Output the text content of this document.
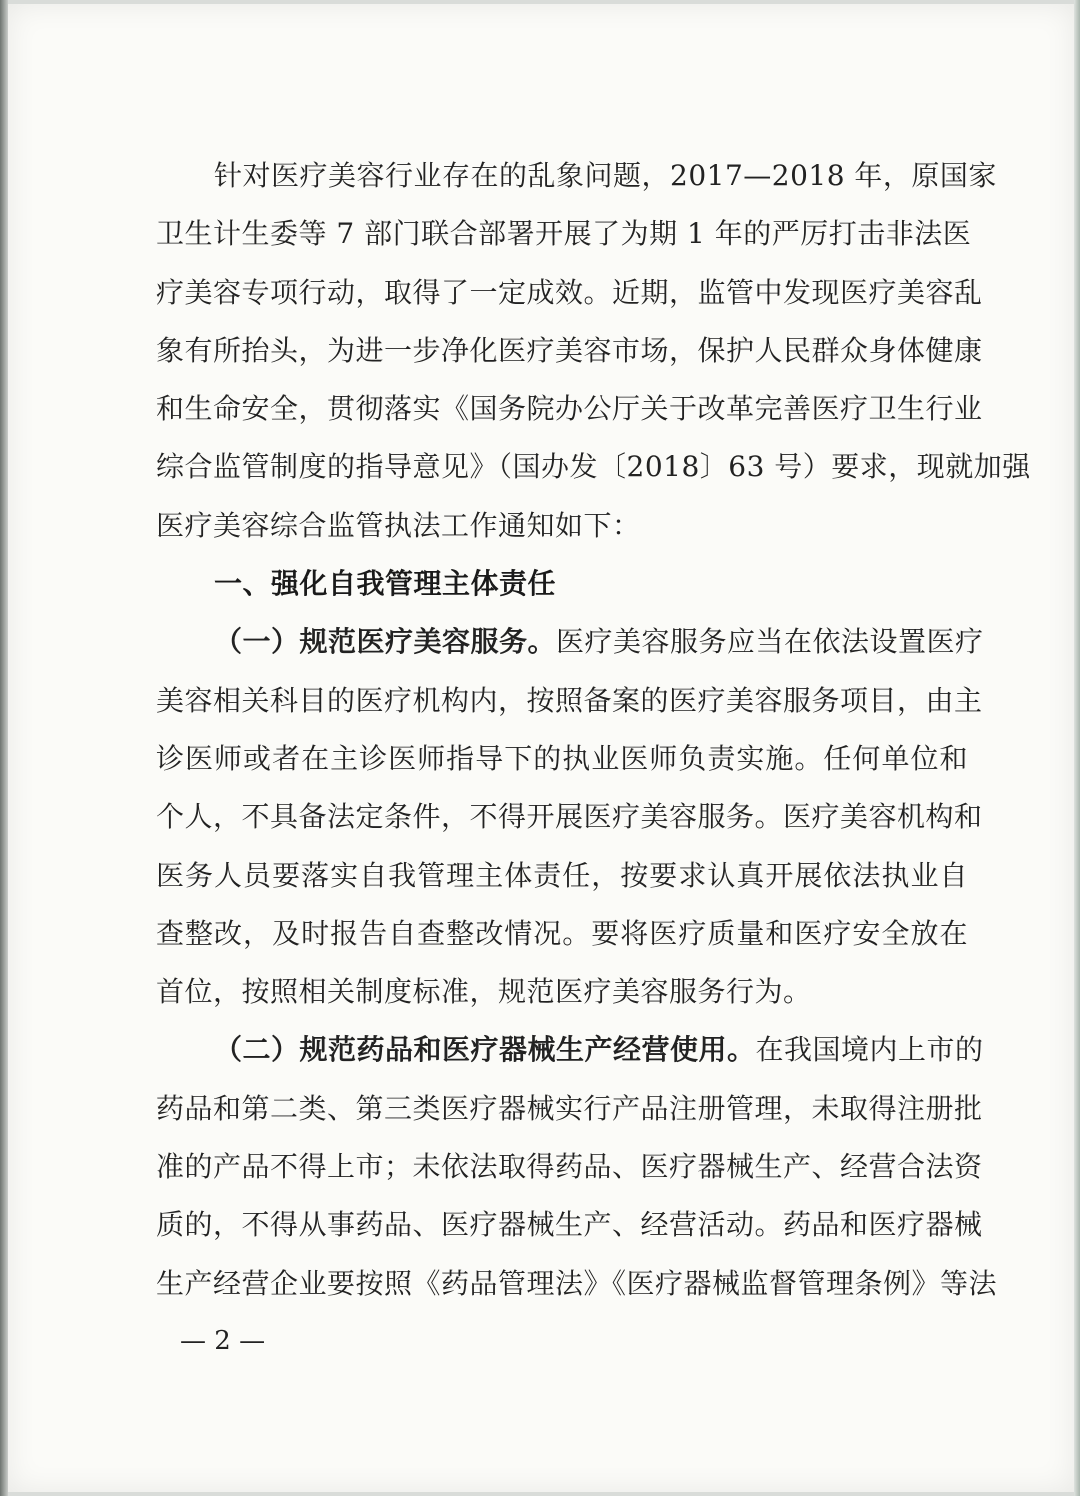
针对医疗美容行业存在的乱象问题，2017—2018 年，原国家
卫生计生委等 7 部门联合部署开展了为期 1 年的严厉打击非法医
疗美容专项行动，取得了一定成效。近期，监管中发现医疗美容乱
象有所抬头，为进一步净化医疗美容市场，保护人民群众身体健康
和生命安全，贯彻落实《国务院办公厅关于改革完善医疗卫生行业
综合监管制度的指导意见》（国办发〔2018〕63 号）要求，现就加强
医疗美容综合监管执法工作通知如下：
一、强化自我管理主体责任
（一）规范医疗美容服务。医疗美容服务应当在依法设置医疗
美容相关科目的医疗机构内，按照备案的医疗美容服务项目，由主
诊医师或者在主诊医师指导下的执业医师负责实施。任何单位和
个人，不具备法定条件，不得开展医疗美容服务。医疗美容机构和
医务人员要落实自我管理主体责任，按要求认真开展依法执业自
查整改，及时报告自查整改情况。要将医疗质量和医疗安全放在
首位，按照相关制度标准，规范医疗美容服务行为。
（二）规范药品和医疗器械生产经营使用。在我国境内上市的
药品和第二类、第三类医疗器械实行产品注册管理，未取得注册批
准的产品不得上市；未依法取得药品、医疗器械生产、经营合法资
质的，不得从事药品、医疗器械生产、经营活动。药品和医疗器械
生产经营企业要按照《药品管理法》《医疗器械监督管理条例》等法
— 2 —
